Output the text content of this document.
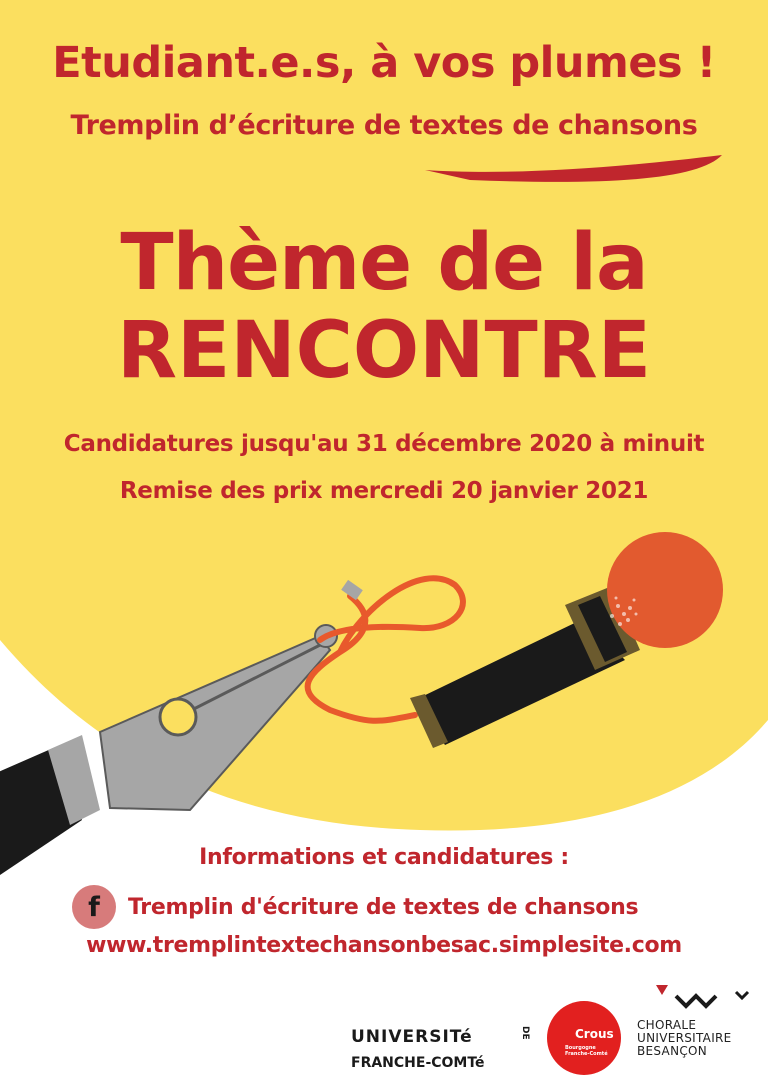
Etudiant.e.s, à vos plumes !
Tremplin d’écriture de textes de chansons
Thème de la
RENCONTRE
Candidatures jusqu'au 31 décembre 2020 à minuit
Remise des prix mercredi 20 janvier 2021
Informations et candidatures :
f	Tremplin d'écriture de textes de chansons
www.tremplintextechansonbesac.simplesite.com
UNIVERSITé
FRANCHE-COMTé
DE	Crous
Bourgogne
Franche-Comté
CHORALE
UNIVERSITAIRE
BESANÇON
